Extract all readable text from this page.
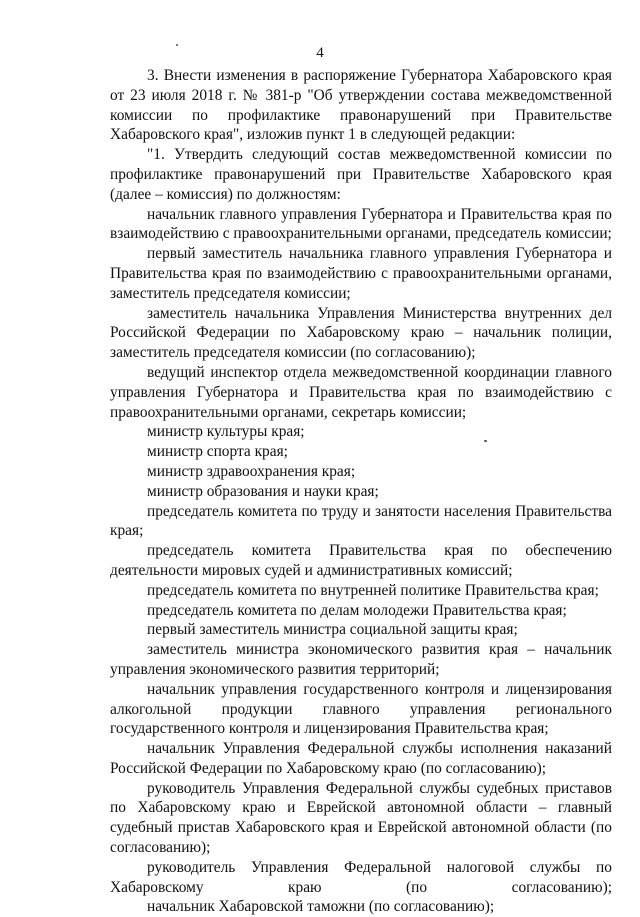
4

3. Внести изменения в распоряжение Губернатора Хабаровского края от 23 июля 2018 г. № 381-р "Об утверждении состава межведомственной комиссии по профилактике правонарушений при Правительстве Хабаровского края", изложив пункт 1 в следующей редакции:

"1. Утвердить следующий состав межведомственной комиссии по профилактике правонарушений при Правительстве Хабаровского края (далее – комиссия) по должностям:

начальник главного управления Губернатора и Правительства края по взаимодействию с правоохранительными органами, председатель комиссии;

первый заместитель начальника главного управления Губернатора и Правительства края по взаимодействию с правоохранительными органами, заместитель председателя комиссии;

заместитель начальника Управления Министерства внутренних дел Российской Федерации по Хабаровскому краю – начальник полиции, заместитель председателя комиссии (по согласованию);

ведущий инспектор отдела межведомственной координации главного управления Губернатора и Правительства края по взаимодействию с правоохранительными органами, секретарь комиссии;

министр культуры края;

министр спорта края;

министр здравоохранения края;

министр образования и науки края;

председатель комитета по труду и занятости населения Правительства края;

председатель комитета Правительства края по обеспечению деятельности мировых судей и административных комиссий;

председатель комитета по внутренней политике Правительства края;

председатель комитета по делам молодежи Правительства края;

первый заместитель министра социальной защиты края;

заместитель министра экономического развития края – начальник управления экономического развития территорий;

начальник управления государственного контроля и лицензирования алкогольной продукции главного управления регионального государственного контроля и лицензирования Правительства края;

начальник Управления Федеральной службы исполнения наказаний Российской Федерации по Хабаровскому краю (по согласованию);

руководитель Управления Федеральной службы судебных приставов по Хабаровскому краю и Еврейской автономной области – главный судебный пристав Хабаровского края и Еврейской автономной области (по согласованию);

руководитель Управления Федеральной налоговой службы по Хабаровскому краю (по согласованию);

начальник Хабаровской таможни (по согласованию);
